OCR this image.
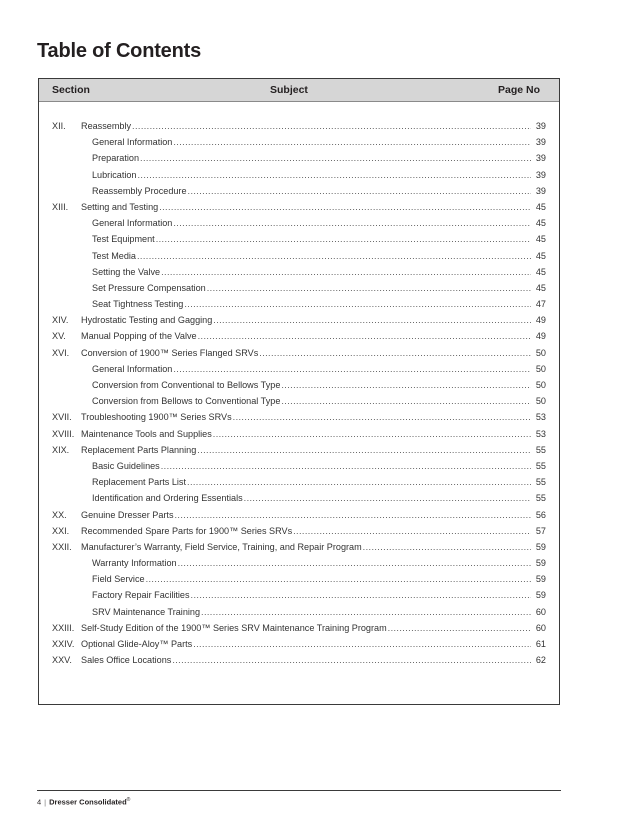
Table of Contents
Section	Subject	Page No
XII. Reassembly .....	39
General Information .....	39
Preparation .....	39
Lubrication .....	39
Reassembly Procedure .....	39
XIII. Setting and Testing .....	45
General Information .....	45
Test Equipment .....	45
Test Media .....	45
Setting the Valve .....	45
Set Pressure Compensation .....	45
Seat Tightness Testing .....	47
XIV. Hydrostatic Testing and Gagging .....	49
XV. Manual Popping of the Valve .....	49
XVI. Conversion of 1900™ Series Flanged SRVs .....	50
General Information .....	50
Conversion from Conventional to Bellows Type .....	50
Conversion from Bellows to Conventional Type .....	50
XVII. Troubleshooting 1900™ Series SRVs .....	53
XVIII. Maintenance Tools and Supplies .....	53
XIX. Replacement Parts Planning .....	55
Basic Guidelines .....	55
Replacement Parts List .....	55
Identification and Ordering Essentials .....	55
XX. Genuine Dresser Parts .....	56
XXI. Recommended Spare Parts for 1900™ Series SRVs .....	57
XXII. Manufacturer’s Warranty, Field Service, Training, and Repair Program .....	59
Warranty Information .....	59
Field Service .....	59
Factory Repair Facilities .....	59
SRV Maintenance Training .....	60
XXIII. Self-Study Edition of the 1900™ Series SRV Maintenance Training Program .....	60
XXIV. Optional Glide-Aloy™ Parts .....	61
XXV. Sales Office Locations .....	62
4 | Dresser Consolidated®
